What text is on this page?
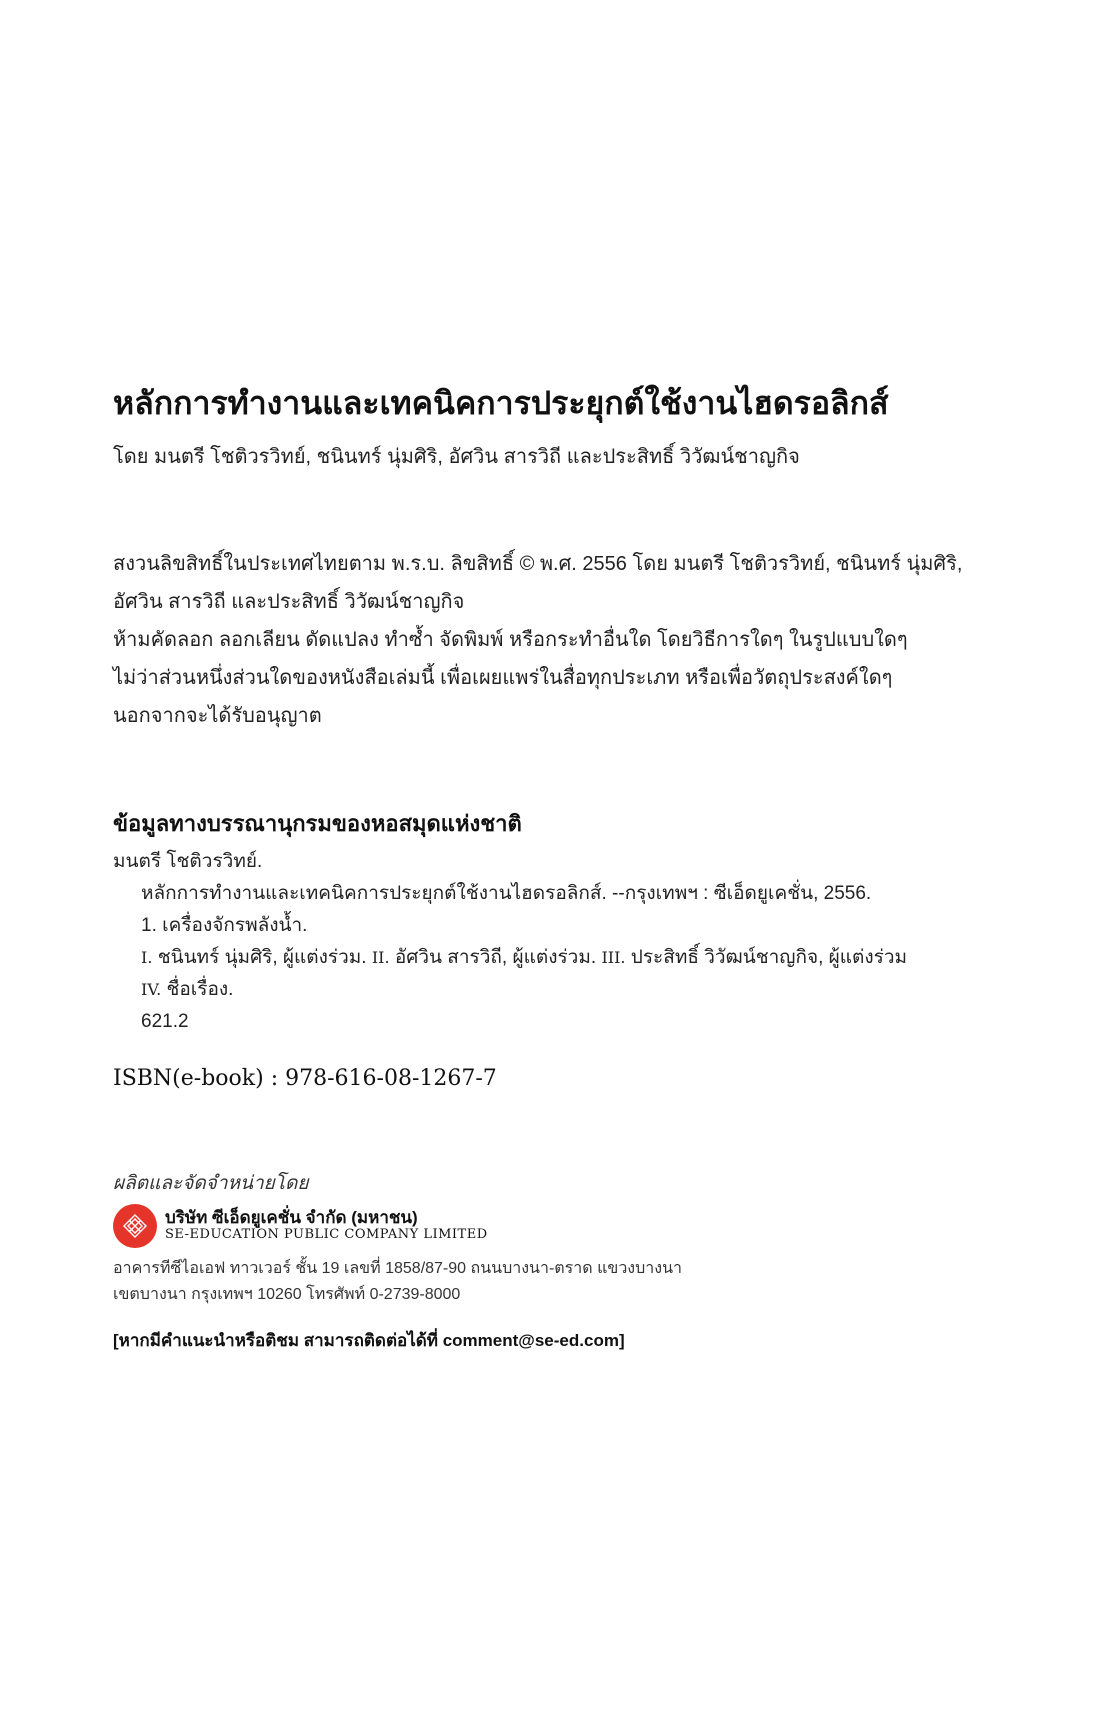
หลักการทำงานและเทคนิคการประยุกต์ใช้งานไฮดรอลิกส์
โดย มนตรี โชติวรวิทย์, ชนินทร์ นุ่มศิริ, อัศวิน สารวิถี และประสิทธิ์ วิวัฒน์ชาญกิจ
สงวนลิขสิทธิ์ในประเทศไทยตาม พ.ร.บ. ลิขสิทธิ์ © พ.ศ. 2556 โดย มนตรี โชติวรวิทย์, ชนินทร์ นุ่มศิริ,
อัศวิน สารวิถี และประสิทธิ์ วิวัฒน์ชาญกิจ
ห้ามคัดลอก ลอกเลียน ดัดแปลง ทำซ้ำ จัดพิมพ์ หรือกระทำอื่นใด โดยวิธีการใดๆ ในรูปแบบใดๆ
ไม่ว่าส่วนหนึ่งส่วนใดของหนังสือเล่มนี้ เพื่อเผยแพร่ในสื่อทุกประเภท หรือเพื่อวัตถุประสงค์ใดๆ
นอกจากจะได้รับอนุญาต
ข้อมูลทางบรรณานุกรมของหอสมุดแห่งชาติ
มนตรี โชติวรวิทย์.
หลักการทำงานและเทคนิคการประยุกต์ใช้งานไฮดรอลิกส์. --กรุงเทพฯ : ซีเอ็ดยูเคชั่น, 2556.
1. เครื่องจักรพลังน้ำ.
I. ชนินทร์ นุ่มศิริ, ผู้แต่งร่วม. II. อัศวิน สารวิถี, ผู้แต่งร่วม. III. ประสิทธิ์ วิวัฒน์ชาญกิจ, ผู้แต่งร่วม
IV. ชื่อเรื่อง.
621.2
ISBN(e-book) : 978-616-08-1267-7
ผลิตและจัดจำหน่ายโดย
บริษัท ซีเอ็ดยูเคชั่น จำกัด (มหาชน)
SE-EDUCATION PUBLIC COMPANY LIMITED
อาคารทีซีไอเอฟ ทาวเวอร์ ชั้น 19 เลขที่ 1858/87-90 ถนนบางนา-ตราด แขวงบางนา
เขตบางนา กรุงเทพฯ 10260 โทรศัพท์ 0-2739-8000
[หากมีคำแนะนำหรือติชม สามารถติดต่อได้ที่ comment@se-ed.com]
